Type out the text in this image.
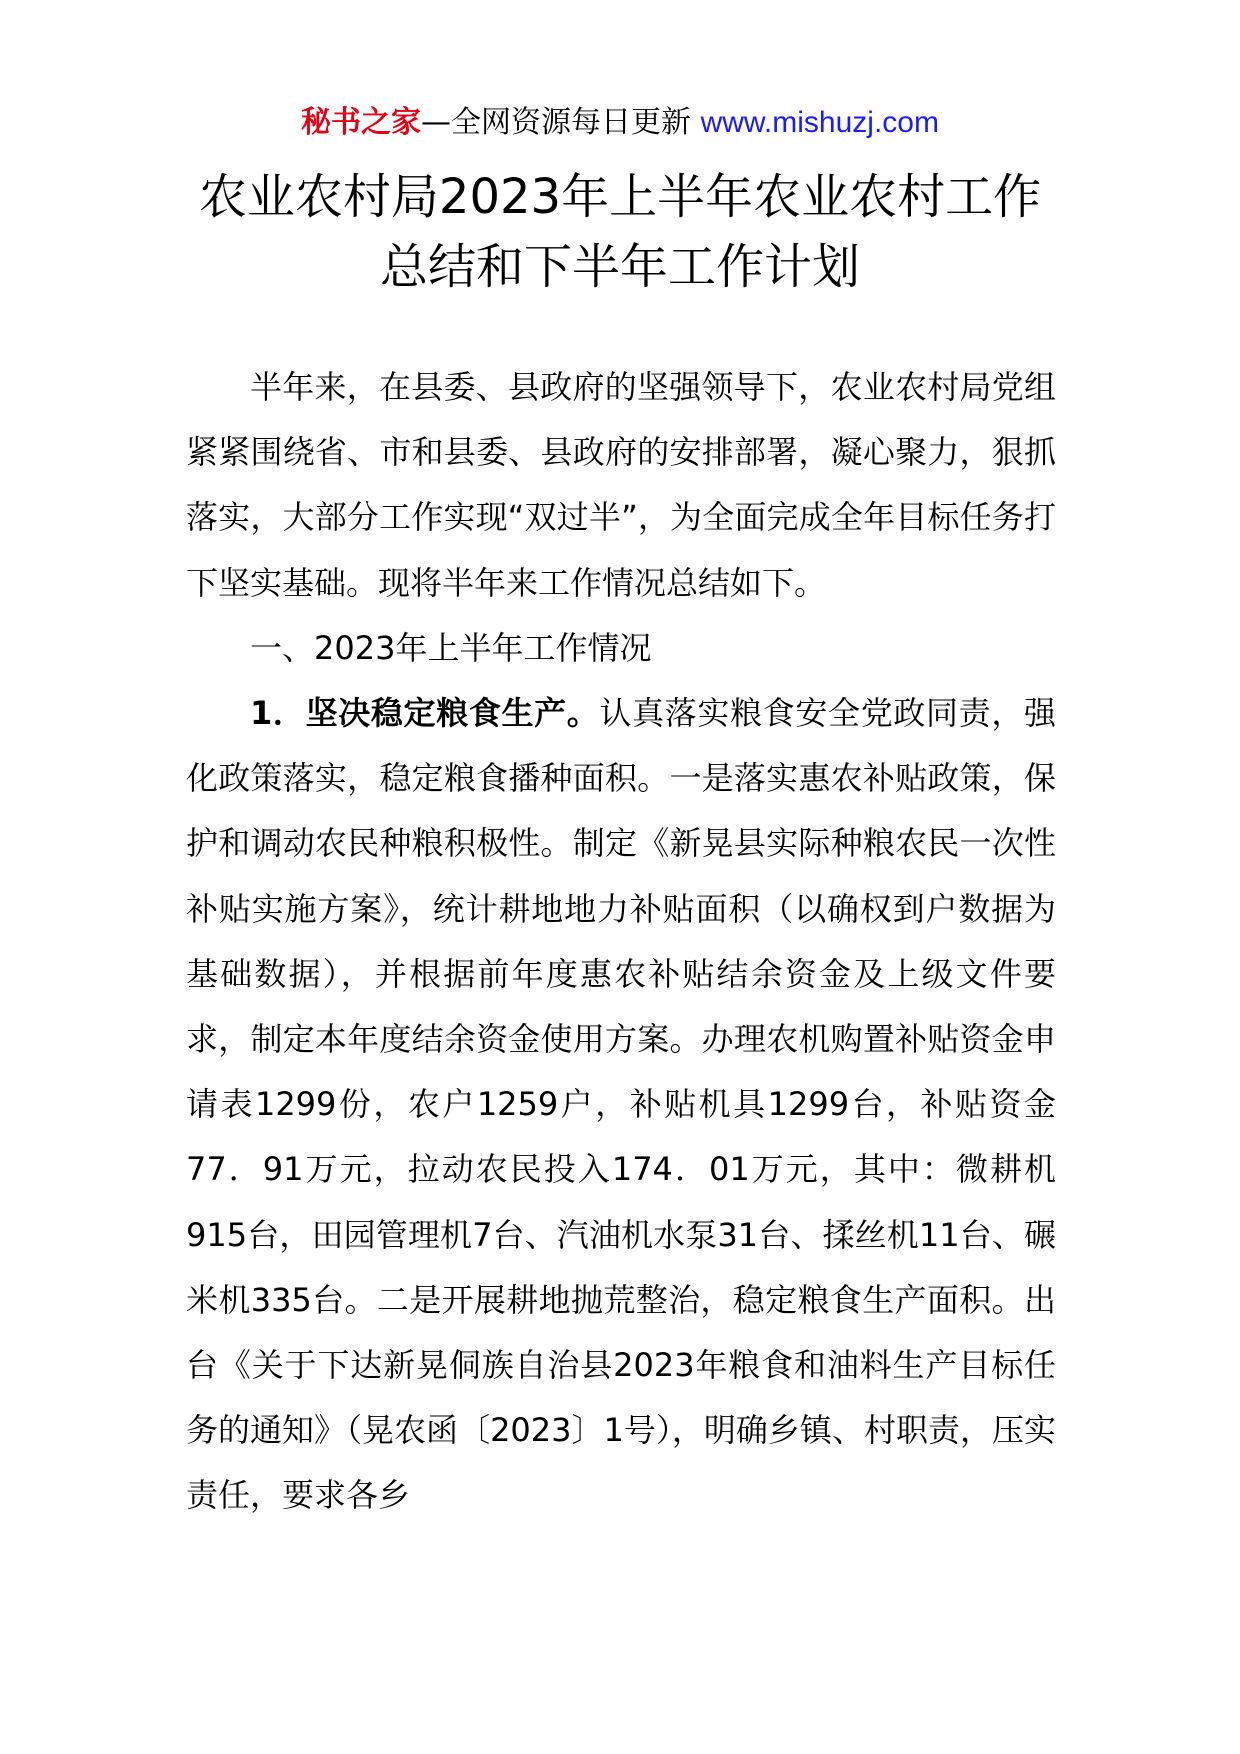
秘书之家—全网资源每日更新 www.mishuzj.com
农业农村局2023年上半年农业农村工作总结和下半年工作计划

半年来，在县委、县政府的坚强领导下，农业农村局党组紧紧围绕省、市和县委、县政府的安排部署，凝心聚力，狠抓落实，大部分工作实现“双过半”，为全面完成全年目标任务打下坚实基础。现将半年来工作情况总结如下。

一、2023年上半年工作情况

1．坚决稳定粮食生产。认真落实粮食安全党政同责，强化政策落实，稳定粮食播种面积。一是落实惠农补贴政策，保护和调动农民种粮积极性。制定《新晃县实际种粮农民一次性补贴实施方案》，统计耕地地力补贴面积（以确权到户数据为基础数据），并根据前年度惠农补贴结余资金及上级文件要求，制定本年度结余资金使用方案。办理农机购置补贴资金申请表1299份，农户1259户，补贴机具1299台，补贴资金77．91万元，拉动农民投入174．01万元，其中：微耕机915台，田园管理机7台、汽油机水泵31台、揉丝机11台、碾米机335台。二是开展耕地抛荒整治，稳定粮食生产面积。出台《关于下达新晃侗族自治县2023年粮食和油料生产目标任务的通知》（晃农函〔2023〕1号），明确乡镇、村职责，压实责任，要求各乡
